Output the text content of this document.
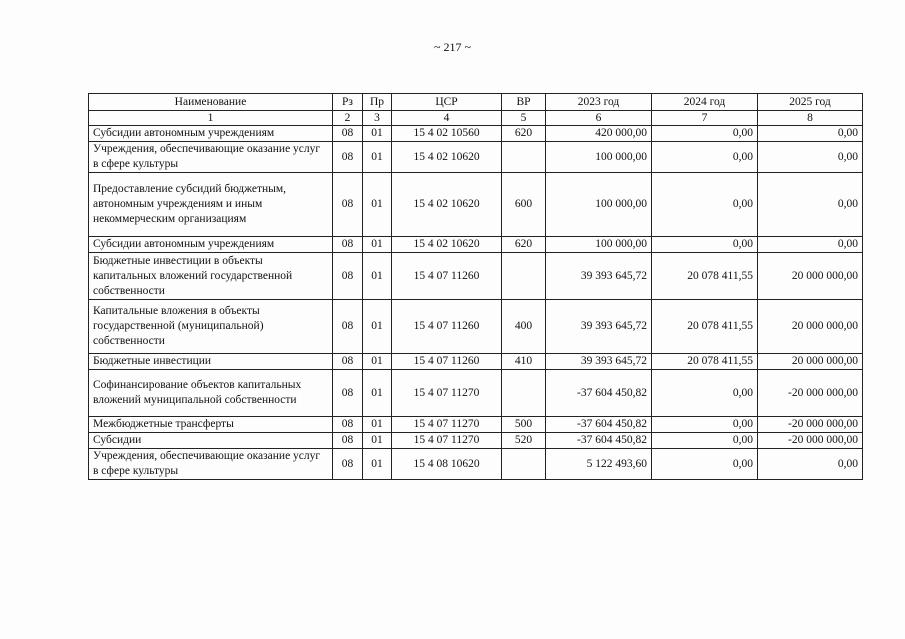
~ 217 ~
Наименование	Рз	Пр	ЦСР	ВР	2023 год	2024 год	2025 год
1	2	3	4	5	6	7	8
Субсидии автономным учреждениям	08	01	15 4 02 10560	620	420 000,00	0,00	0,00
Учреждения, обеспечивающие оказание услуг в сфере культуры	08	01	15 4 02 10620		100 000,00	0,00	0,00
Предоставление субсидий бюджетным, автономным учреждениям и иным некоммерческим организациям	08	01	15 4 02 10620	600	100 000,00	0,00	0,00
Субсидии автономным учреждениям	08	01	15 4 02 10620	620	100 000,00	0,00	0,00
Бюджетные инвестиции в объекты капитальных вложений государственной собственности	08	01	15 4 07 11260		39 393 645,72	20 078 411,55	20 000 000,00
Капитальные вложения в объекты государственной (муниципальной) собственности	08	01	15 4 07 11260	400	39 393 645,72	20 078 411,55	20 000 000,00
Бюджетные инвестиции	08	01	15 4 07 11260	410	39 393 645,72	20 078 411,55	20 000 000,00
Софинансирование объектов капитальных вложений муниципальной собственности	08	01	15 4 07 11270		-37 604 450,82	0,00	-20 000 000,00
Межбюджетные трансферты	08	01	15 4 07 11270	500	-37 604 450,82	0,00	-20 000 000,00
Субсидии	08	01	15 4 07 11270	520	-37 604 450,82	0,00	-20 000 000,00
Учреждения, обеспечивающие оказание услуг в сфере культуры	08	01	15 4 08 10620		5 122 493,60	0,00	0,00
